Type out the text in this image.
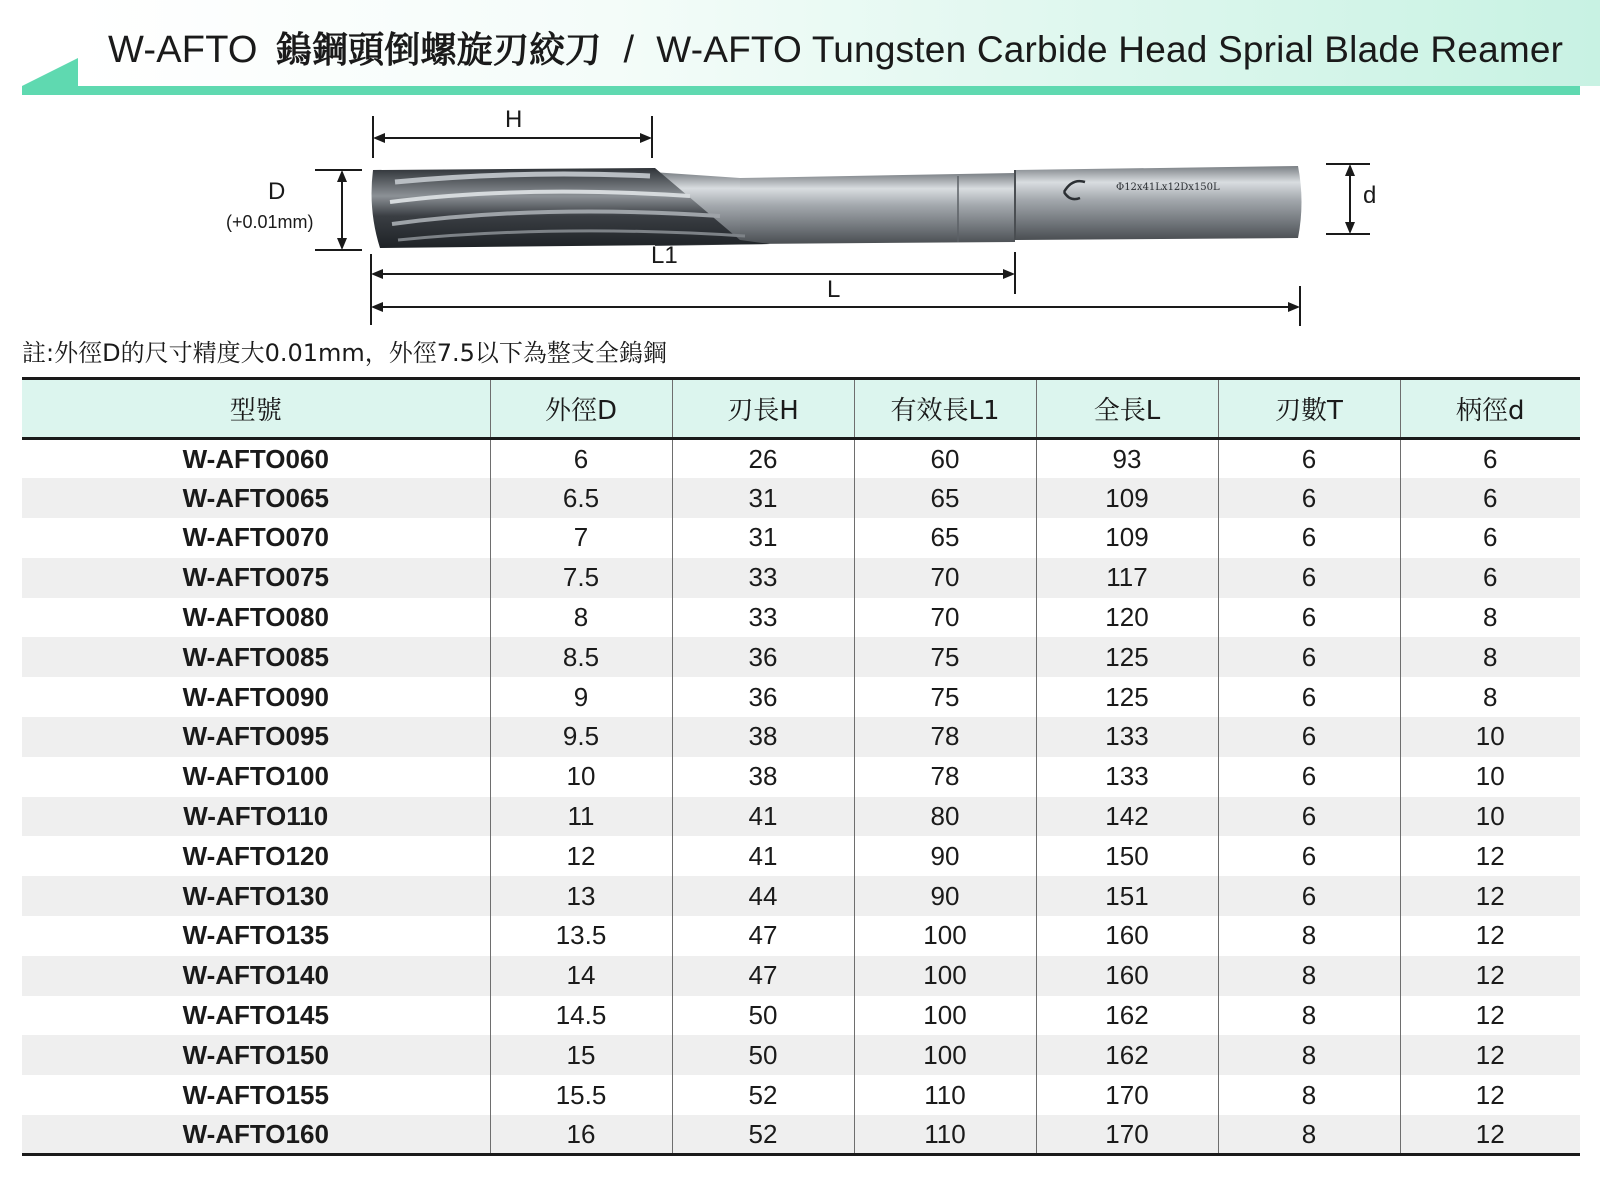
W-AFTO 鎢鋼頭倒螺旋刃絞刀 / W-AFTO Tungsten Carbide Head Sprial Blade Reamer
Φ12x41Lx12Dx150L
H
D
(+0.01mm)
d
L1
L
註:外徑D的尺寸精度大0.01mm，外徑7.5以下為整支全鎢鋼
型號	外徑D	刃長H	有效長L1	全長L	刃數T	柄徑d
W-AFTO060	6	26	60	93	6	6
W-AFTO065	6.5	31	65	109	6	6
W-AFTO070	7	31	65	109	6	6
W-AFTO075	7.5	33	70	117	6	6
W-AFTO080	8	33	70	120	6	8
W-AFTO085	8.5	36	75	125	6	8
W-AFTO090	9	36	75	125	6	8
W-AFTO095	9.5	38	78	133	6	10
W-AFTO100	10	38	78	133	6	10
W-AFTO110	11	41	80	142	6	10
W-AFTO120	12	41	90	150	6	12
W-AFTO130	13	44	90	151	6	12
W-AFTO135	13.5	47	100	160	8	12
W-AFTO140	14	47	100	160	8	12
W-AFTO145	14.5	50	100	162	8	12
W-AFTO150	15	50	100	162	8	12
W-AFTO155	15.5	52	110	170	8	12
W-AFTO160	16	52	110	170	8	12
